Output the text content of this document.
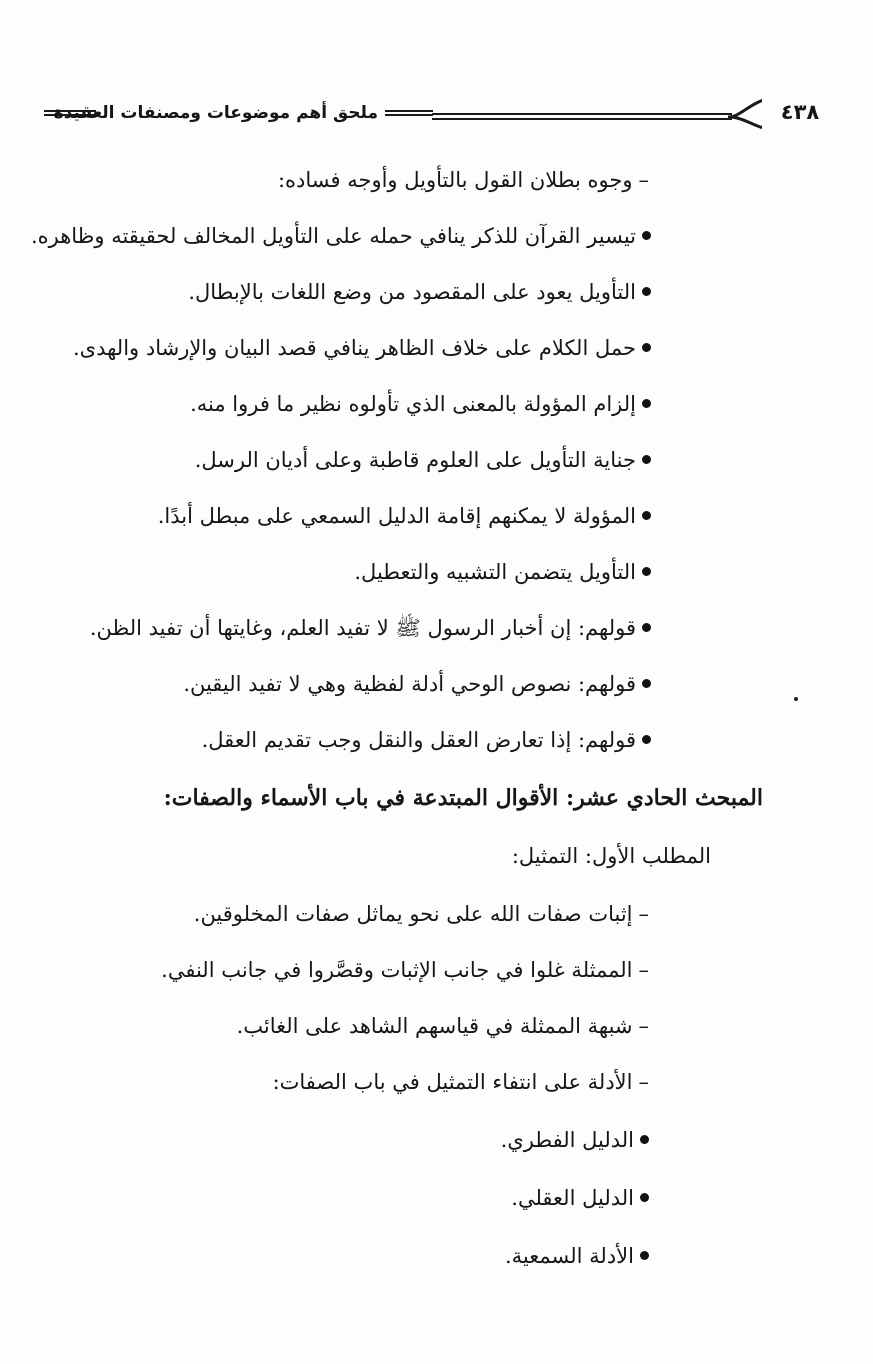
ملحق أهم موضوعات ومصنفات العقيدة	٤٣٨
–وجوه بطلان القول بالتأويل وأوجه فساده:
تيسير القرآن للذكر ينافي حمله على التأويل المخالف لحقيقته وظاهره.
التأويل يعود على المقصود من وضع اللغات بالإبطال.
حمل الكلام على خلاف الظاهر ينافي قصد البيان والإرشاد والهدى.
إلزام المؤولة بالمعنى الذي تأولوه نظير ما فروا منه.
جناية التأويل على العلوم قاطبة وعلى أديان الرسل.
المؤولة لا يمكنهم إقامة الدليل السمعي على مبطل أبدًا.
التأويل يتضمن التشبيه والتعطيل.
قولهم: إن أخبار الرسول ﷺ لا تفيد العلم، وغايتها أن تفيد الظن.
قولهم: نصوص الوحي أدلة لفظية وهي لا تفيد اليقين.
قولهم: إذا تعارض العقل والنقل وجب تقديم العقل.
المبحث الحادي عشر: الأقوال المبتدعة في باب الأسماء والصفات:
المطلب الأول: التمثيل:
–إثبات صفات الله على نحو يماثل صفات المخلوقين.
–الممثلة غلوا في جانب الإثبات وقصَّروا في جانب النفي.
–شبهة الممثلة في قياسهم الشاهد على الغائب.
–الأدلة على انتفاء التمثيل في باب الصفات:
الدليل الفطري.
الدليل العقلي.
الأدلة السمعية.
